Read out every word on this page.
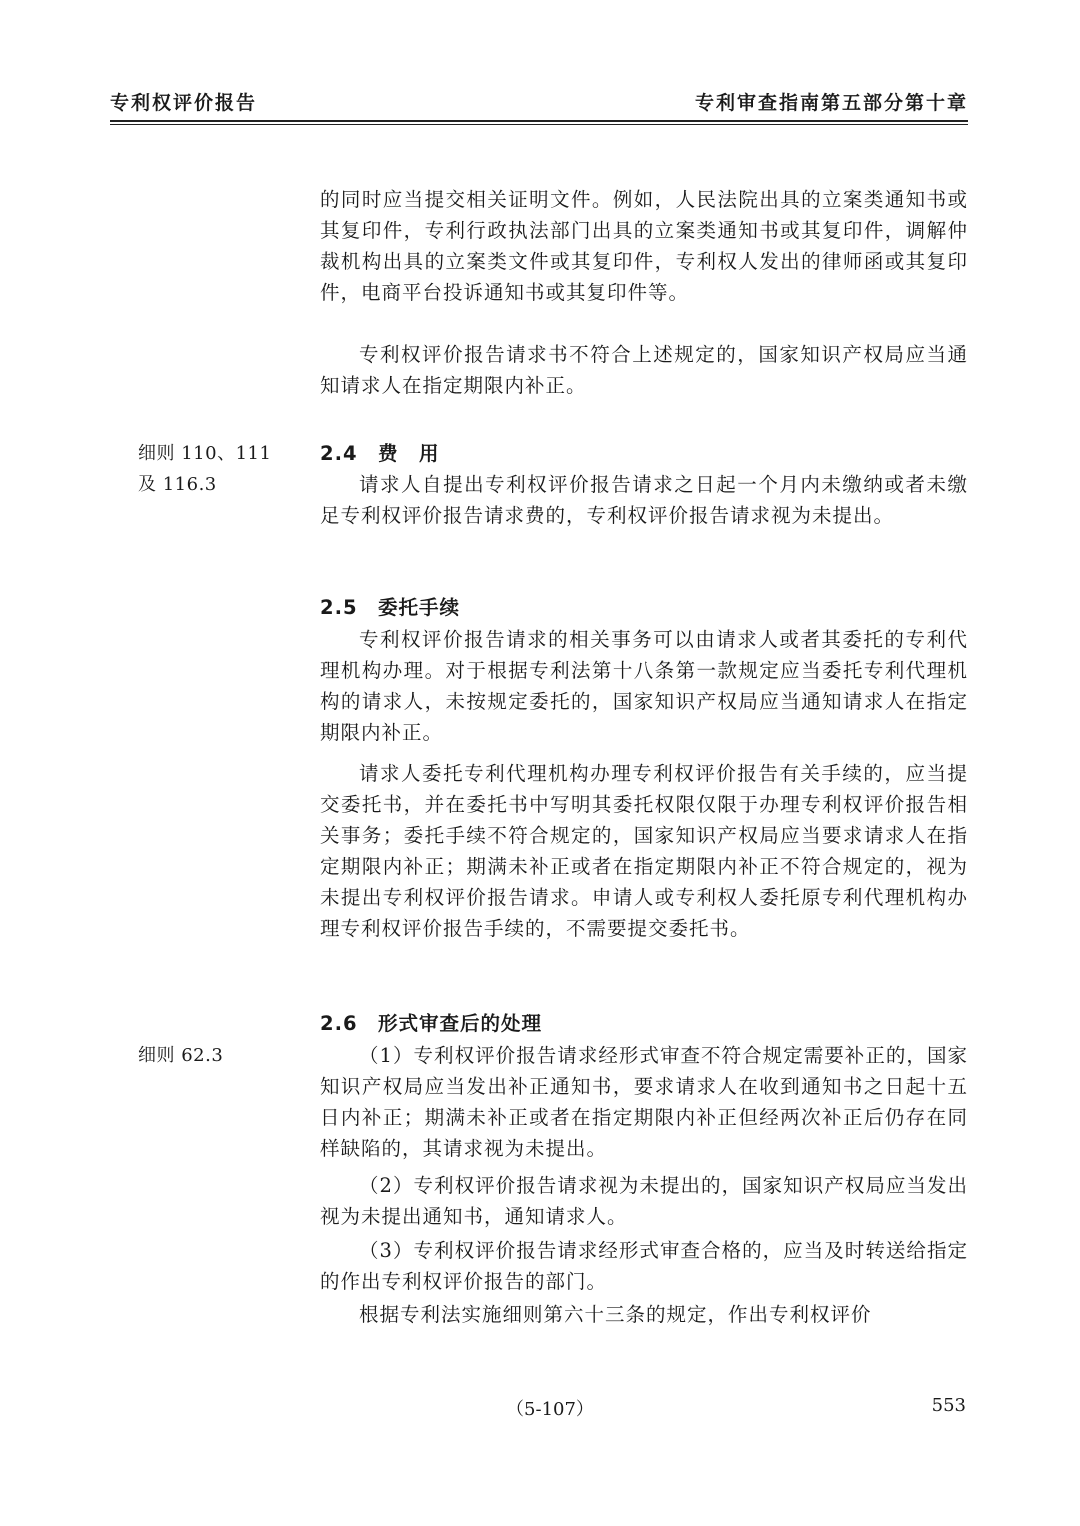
专利权评价报告	专利审查指南第五部分第十章
的同时应当提交相关证明文件。例如，人民法院出具的立案类通知书或其复印件，专利行政执法部门出具的立案类通知书或其复印件，调解仲裁机构出具的立案类文件或其复印件，专利权人发出的律师函或其复印件，电商平台投诉通知书或其复印件等。
专利权评价报告请求书不符合上述规定的，国家知识产权局应当通知请求人在指定期限内补正。
细则 110、111
及 116.3
2.4 费　用
请求人自提出专利权评价报告请求之日起一个月内未缴纳或者未缴足专利权评价报告请求费的，专利权评价报告请求视为未提出。
2.5 委托手续
专利权评价报告请求的相关事务可以由请求人或者其委托的专利代理机构办理。对于根据专利法第十八条第一款规定应当委托专利代理机构的请求人，未按规定委托的，国家知识产权局应当通知请求人在指定期限内补正。
请求人委托专利代理机构办理专利权评价报告有关手续的，应当提交委托书，并在委托书中写明其委托权限仅限于办理专利权评价报告相关事务；委托手续不符合规定的，国家知识产权局应当要求请求人在指定期限内补正；期满未补正或者在指定期限内补正不符合规定的，视为未提出专利权评价报告请求。申请人或专利权人委托原专利代理机构办理专利权评价报告手续的，不需要提交委托书。
2.6 形式审查后的处理
细则 62.3	（1）专利权评价报告请求经形式审查不符合规定需要补正的，国家知识产权局应当发出补正通知书，要求请求人在收到通知书之日起十五日内补正；期满未补正或者在指定期限内补正但经两次补正后仍存在同样缺陷的，其请求视为未提出。
（2）专利权评价报告请求视为未提出的，国家知识产权局应当发出视为未提出通知书，通知请求人。
（3）专利权评价报告请求经形式审查合格的，应当及时转送给指定的作出专利权评价报告的部门。
根据专利法实施细则第六十三条的规定，作出专利权评价
（5-107）	553
